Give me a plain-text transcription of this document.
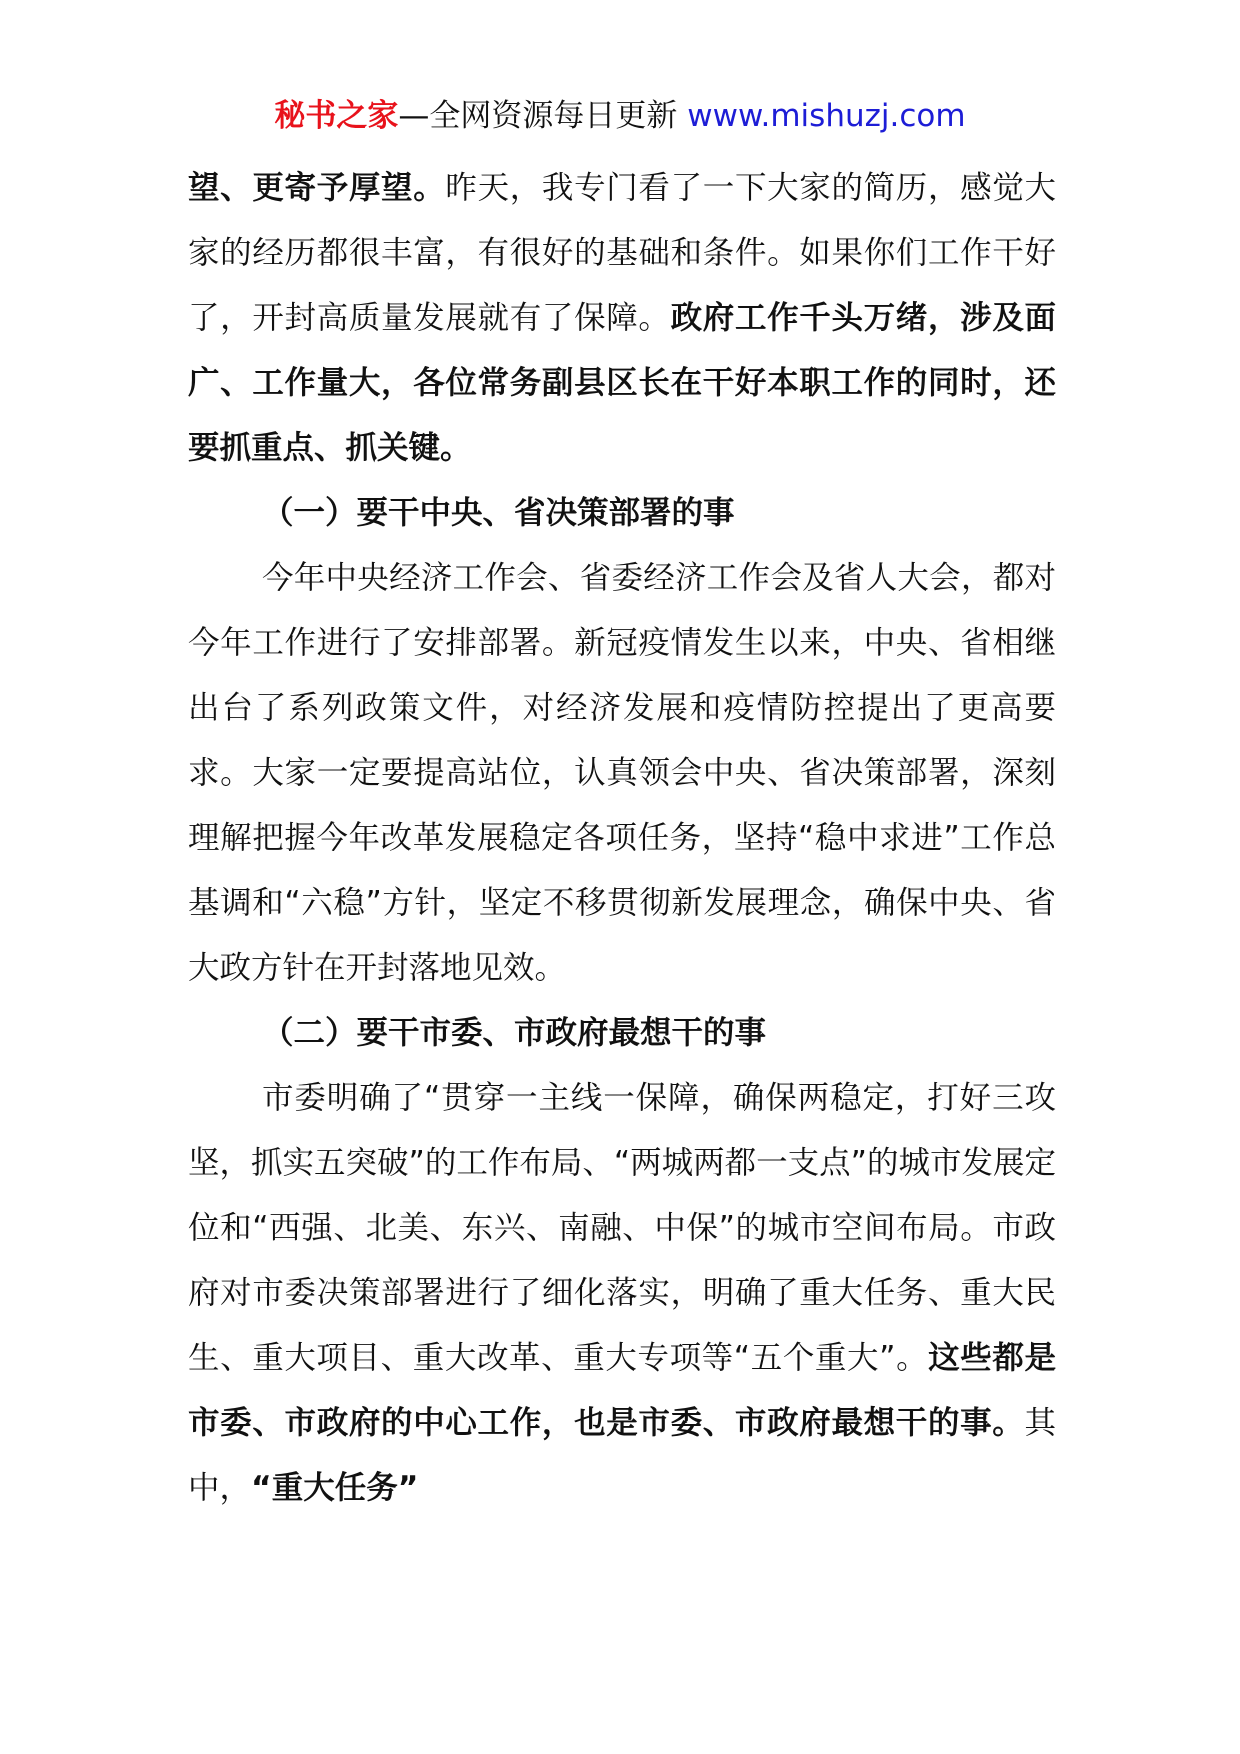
秘书之家—全网资源每日更新 www.mishuzj.com

望、更寄予厚望。昨天，我专门看了一下大家的简历，感觉大家的经历都很丰富，有很好的基础和条件。如果你们工作干好了，开封高质量发展就有了保障。政府工作千头万绪，涉及面广、工作量大，各位常务副县区长在干好本职工作的同时，还要抓重点、抓关键。

（一）要干中央、省决策部署的事

今年中央经济工作会、省委经济工作会及省人大会，都对今年工作进行了安排部署。新冠疫情发生以来，中央、省相继出台了系列政策文件，对经济发展和疫情防控提出了更高要求。大家一定要提高站位，认真领会中央、省决策部署，深刻理解把握今年改革发展稳定各项任务，坚持“稳中求进”工作总基调和“六稳”方针，坚定不移贯彻新发展理念，确保中央、省大政方针在开封落地见效。

（二）要干市委、市政府最想干的事

市委明确了“贯穿一主线一保障，确保两稳定，打好三攻坚，抓实五突破”的工作布局、“两城两都一支点”的城市发展定位和“西强、北美、东兴、南融、中保”的城市空间布局。市政府对市委决策部署进行了细化落实，明确了重大任务、重大民生、重大项目、重大改革、重大专项等“五个重大”。这些都是市委、市政府的中心工作，也是市委、市政府最想干的事。其中，“重大任务”
